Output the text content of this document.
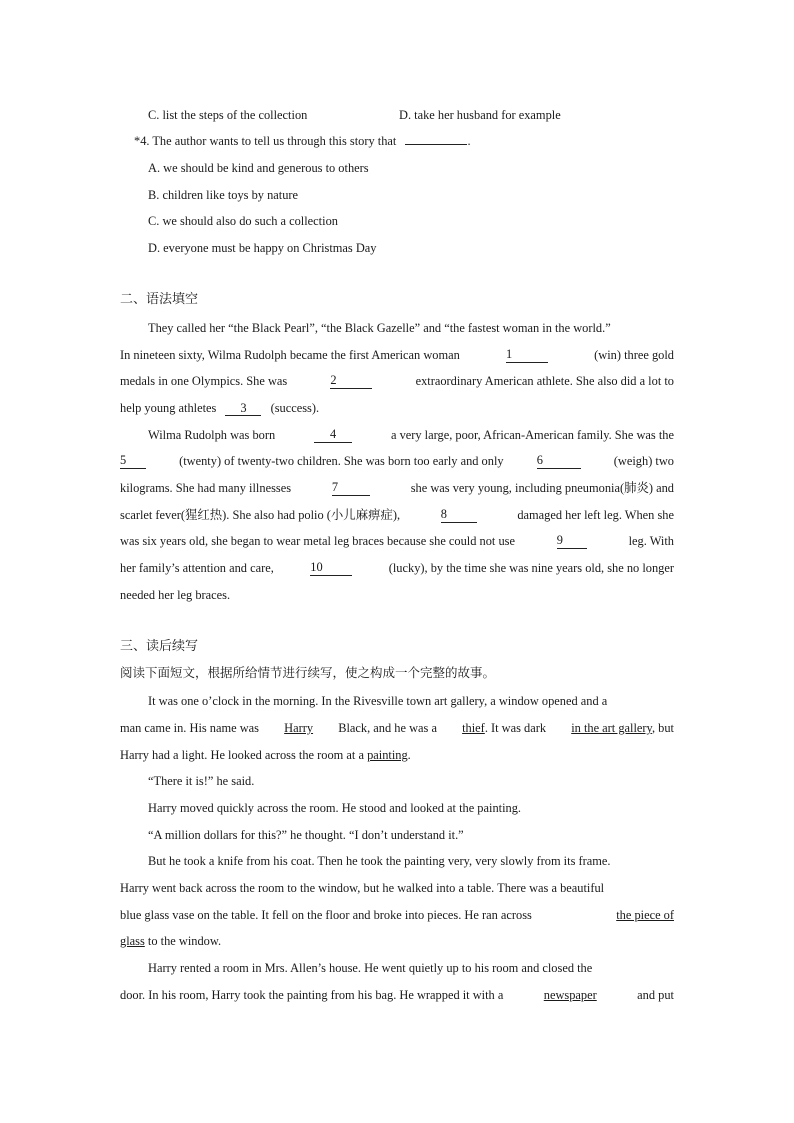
C. list the steps of the collection	D. take her husband for example
*4. The author wants to tell us through this story that	.
A. we should be kind and generous to others
B. children like toys by nature
C. we should also do such a collection
D. everyone must be happy on Christmas Day
二、语法填空
They called her “the Black Pearl”, “the Black Gazelle” and “the fastest woman in the world.”
In nineteen sixty, Wilma Rudolph became the first American woman	1	(win) three gold
medals in one Olympics. She was	2	extraordinary American athlete. She also did a lot to
help young athletes 3 (success).
Wilma Rudolph was born	4	a very large, poor, African-American family. She was the
5	(twenty) of twenty-two children. She was born too early and only	6	(weigh) two
kilograms. She had many illnesses	7	she was very young, including pneumonia(肺炎) and
scarlet fever(猩红热). She also had polio (小儿麻痹症),	8	damaged her left leg. When she
was six years old, she began to wear metal leg braces because she could not use	9	leg. With
her family’s attention and care,	10	(lucky), by the time she was nine years old, she no longer
needed her leg braces.
三、读后续写
阅读下面短文，根据所给情节进行续写，使之构成一个完整的故事。
It was one o’clock in the morning. In the Rivesville town art gallery, a window opened and a
man came in. His name was Harry Black, and he was a thief. It was dark in the art gallery, but
Harry had a light. He looked across the room at a painting.
“There it is!” he said.
Harry moved quickly across the room. He stood and looked at the painting.
“A million dollars for this?” he thought. “I don’t understand it.”
But he took a knife from his coat. Then he took the painting very, very slowly from its frame.
Harry went back across the room to the window, but he walked into a table. There was a beautiful
blue glass vase on the table. It fell on the floor and broke into pieces. He ran across	the piece of
glass to the window.
Harry rented a room in Mrs. Allen’s house. He went quietly up to his room and closed the
door. In his room, Harry took the painting from his bag. He wrapped it with a	newspaper	and put
